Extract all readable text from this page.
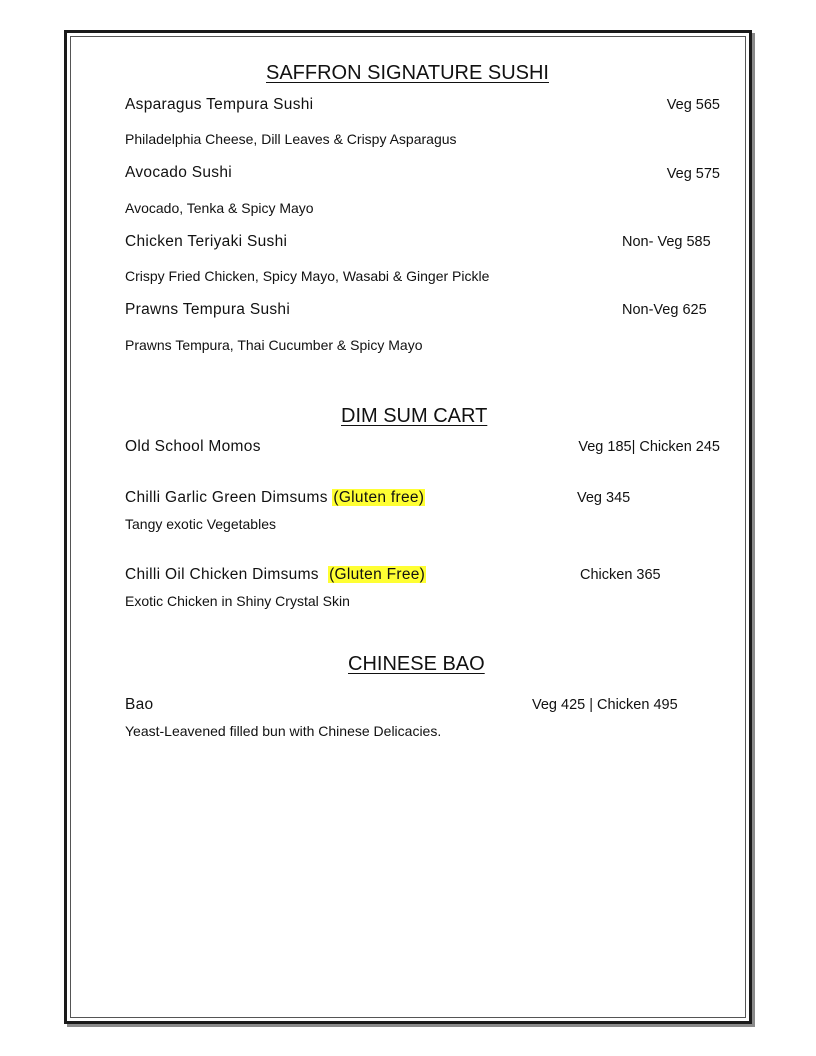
SAFFRON SIGNATURE SUSHI
Asparagus Tempura Sushi	Veg 565
Philadelphia Cheese, Dill Leaves & Crispy Asparagus
Avocado Sushi	Veg 575
Avocado, Tenka & Spicy Mayo
Chicken Teriyaki Sushi	Non- Veg 585
Crispy Fried Chicken, Spicy Mayo, Wasabi & Ginger Pickle
Prawns Tempura Sushi	Non-Veg 625
Prawns Tempura, Thai Cucumber & Spicy Mayo
DIM SUM CART
Old School Momos	Veg 185| Chicken 245
Chilli Garlic Green Dimsums (Gluten free)	Veg 345
Tangy exotic Vegetables
Chilli Oil Chicken Dimsums (Gluten Free)	Chicken 365
Exotic Chicken in Shiny Crystal Skin
CHINESE BAO
Bao	Veg 425 | Chicken 495
Yeast-Leavened filled bun with Chinese Delicacies.
